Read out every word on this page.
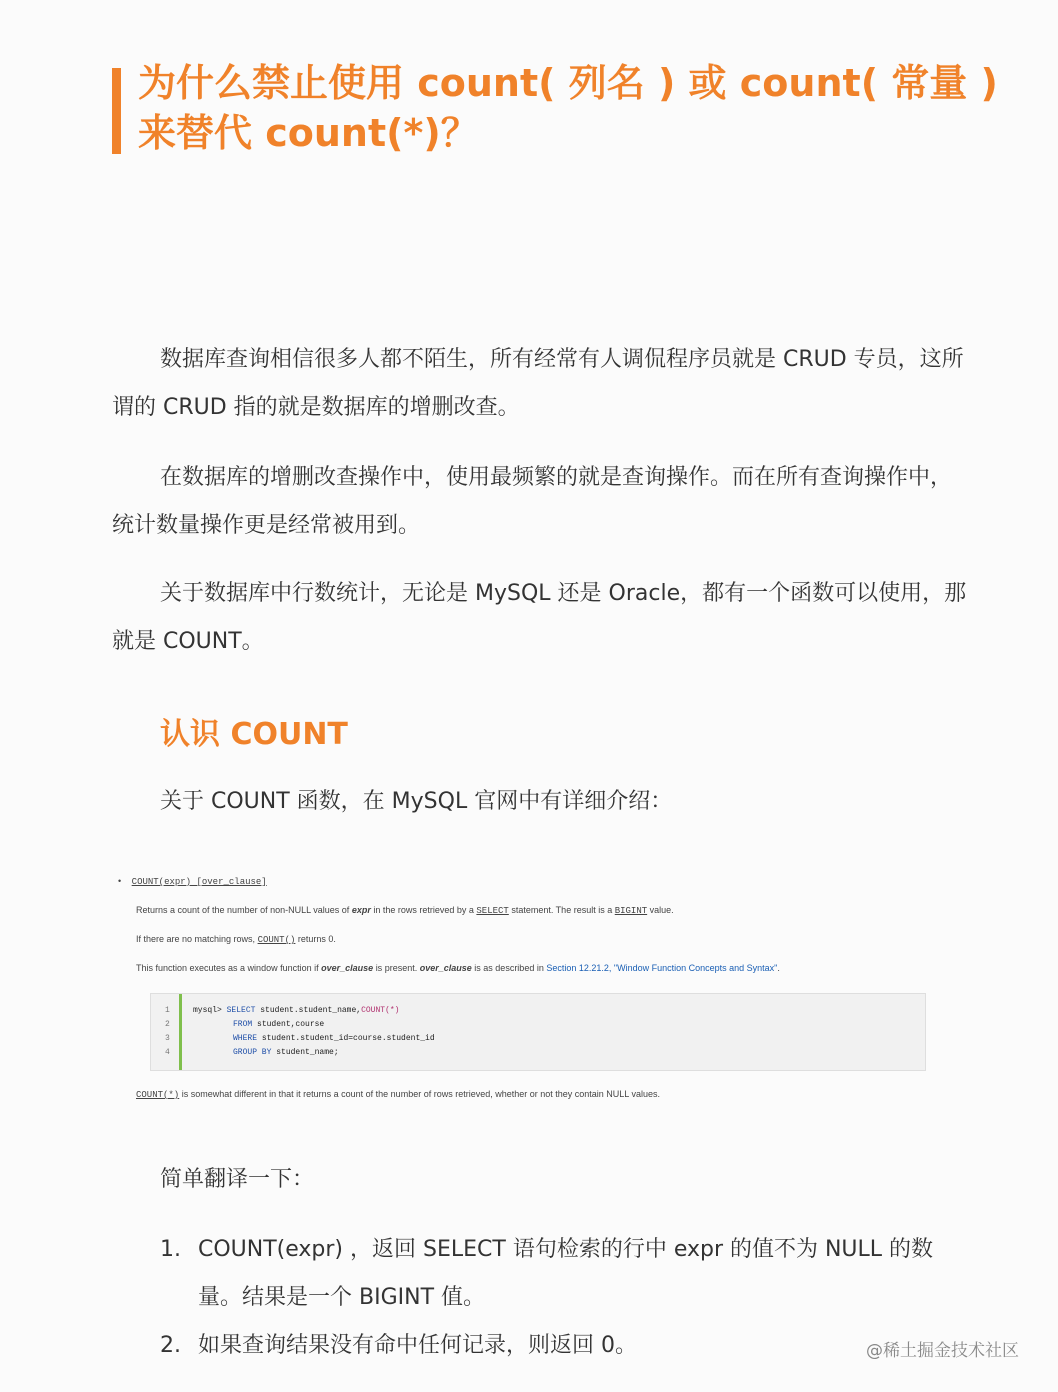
为什么禁止使用 count( 列名 ) 或 count( 常量 ) 来替代 count(*)？

数据库查询相信很多人都不陌生，所有经常有人调侃程序员就是 CRUD 专员，这所谓的 CRUD 指的就是数据库的增删改查。

在数据库的增删改查操作中，使用最频繁的就是查询操作。而在所有查询操作中，统计数量操作更是经常被用到。

关于数据库中行数统计，无论是 MySQL 还是 Oracle，都有一个函数可以使用，那就是 COUNT。

认识 COUNT

关于 COUNT 函数，在 MySQL 官网中有详细介绍：

• COUNT(expr) [over_clause]
Returns a count of the number of non-NULL values of expr in the rows retrieved by a SELECT statement. The result is a BIGINT value.
If there are no matching rows, COUNT() returns 0.
This function executes as a window function if over_clause is present. over_clause is as described in Section 12.21.2, "Window Function Concepts and Syntax".
1
2
3
4
mysql> SELECT student.student_name,COUNT(*)
FROM student,course
WHERE student.student_id=course.student_id
GROUP BY student_name;
COUNT(*) is somewhat different in that it returns a count of the number of rows retrieved, whether or not they contain NULL values.

简单翻译一下：

1. COUNT(expr) ，返回 SELECT 语句检索的行中 expr 的值不为 NULL 的数量。结果是一个 BIGINT 值。
2. 如果查询结果没有命中任何记录，则返回 0。	@稀土掘金技术社区
